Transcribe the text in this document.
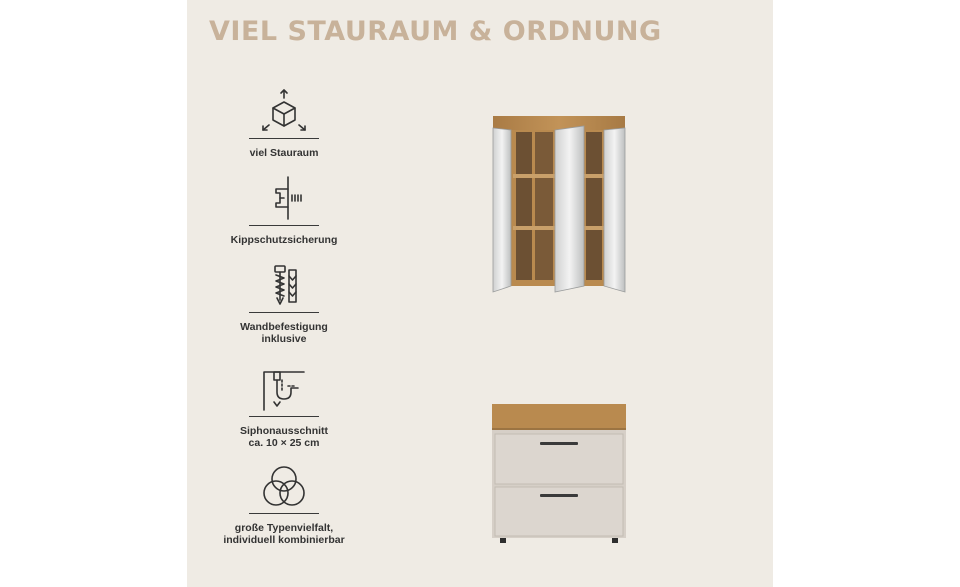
VIEL STAURAUM & ORDNUNG
viel Stauraum
Kippschutzsicherung
Wandbefestigung
inklusive
Siphonausschnitt
ca. 10 × 25 cm
große Typenvielfalt,
individuell kombinierbar
